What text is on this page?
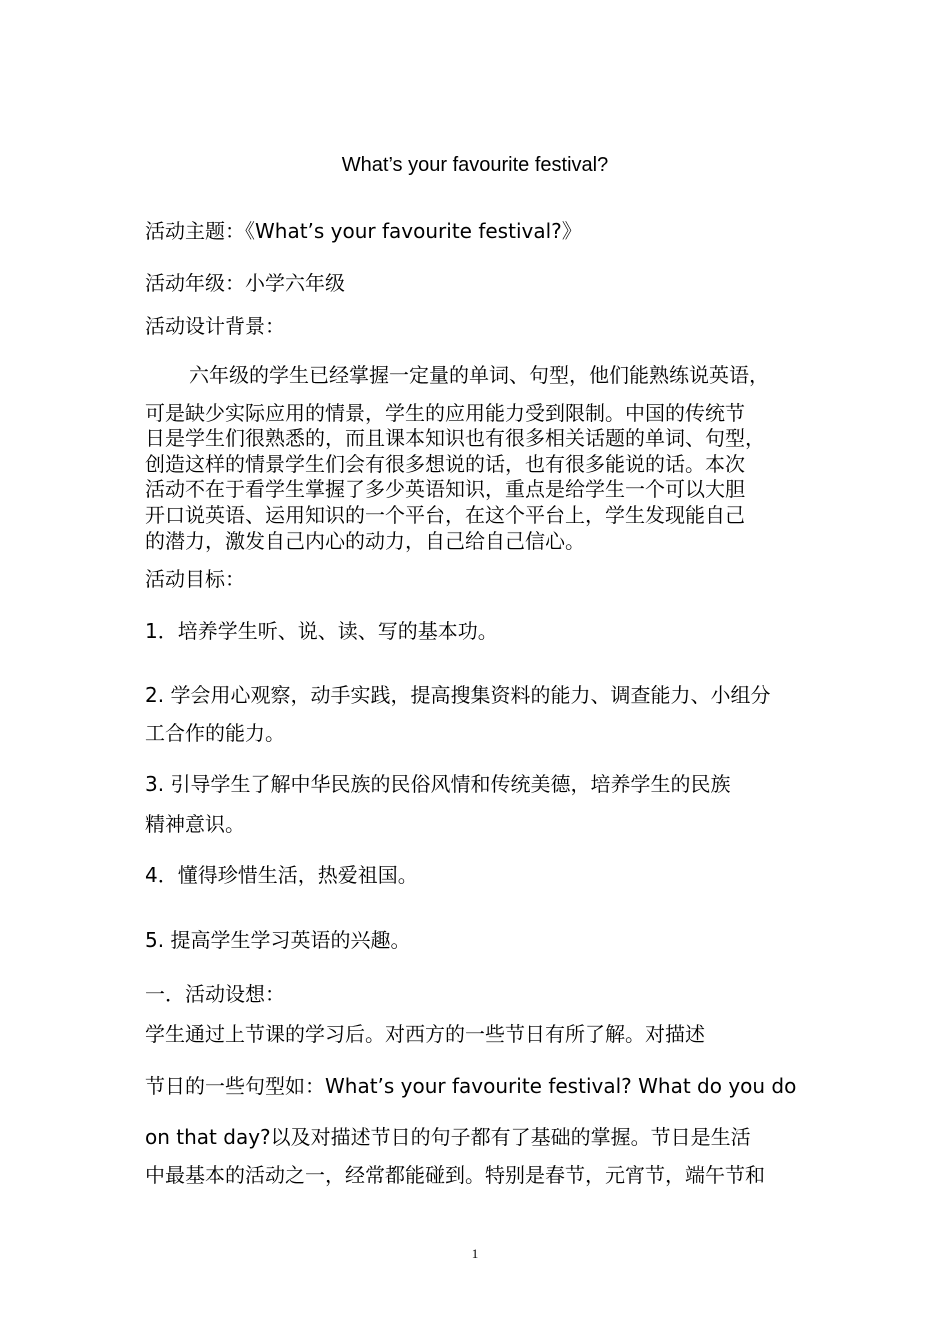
What’s your favourite festival?
活动主题：《What’s your favourite festival?》
活动年级：小学六年级
活动设计背景：

六年级的学生已经掌握一定量的单词、句型，他们能熟练说英语，

可是缺少实际应用的情景，学生的应用能力受到限制。中国的传统节

日是学生们很熟悉的，而且课本知识也有很多相关话题的单词、句型，

创造这样的情景学生们会有很多想说的话，也有很多能说的话。本次

活动不在于看学生掌握了多少英语知识，重点是给学生一个可以大胆

开口说英语、运用知识的一个平台，在这个平台上，学生发现能自己

的潜力，激发自己内心的动力，自己给自己信心。

活动目标：
1．培养学生听、说、读、写的基本功。
2. 学会用心观察，动手实践，提高搜集资料的能力、调查能力、小组分
工合作的能力。
3. 引导学生了解中华民族的民俗风情和传统美德，培养学生的民族
精神意识。
4．懂得珍惜生活，热爱祖国。
5. 提高学生学习英语的兴趣。
一．活动设想：
学生通过上节课的学习后。对西方的一些节日有所了解。对描述
节日的一些句型如：What’s your favourite festival? What do you do
on that day?以及对描述节日的句子都有了基础的掌握。节日是生活
中最基本的活动之一，经常都能碰到。特别是春节，元宵节，端午节和
1
